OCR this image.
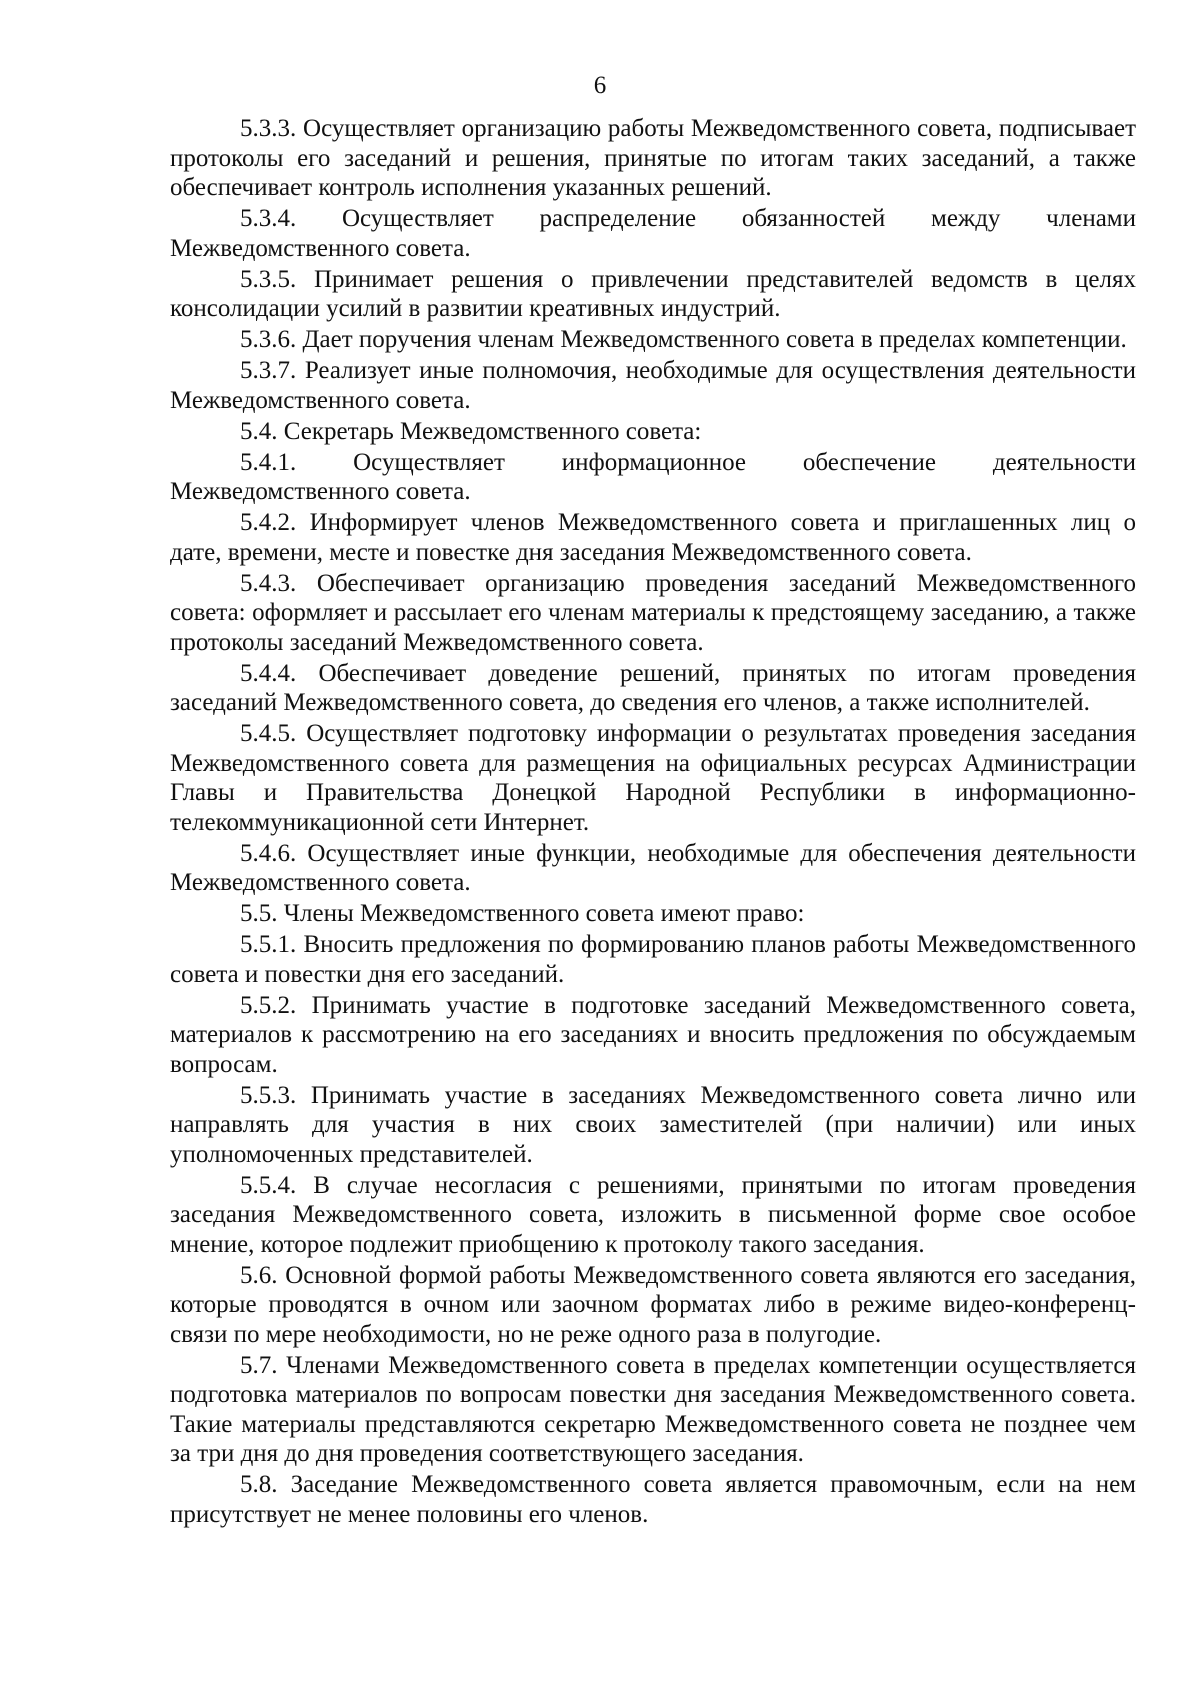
6

5.3.3. Осуществляет организацию работы Межведомственного совета, подписывает протоколы его заседаний и решения, принятые по итогам таких заседаний, а также обеспечивает контроль исполнения указанных решений.

5.3.4. Осуществляет распределение обязанностей между членами Межведомственного совета.

5.3.5. Принимает решения о привлечении представителей ведомств в целях консолидации усилий в развитии креативных индустрий.

5.3.6. Дает поручения членам Межведомственного совета в пределах компетенции.

5.3.7. Реализует иные полномочия, необходимые для осуществления деятельности Межведомственного совета.

5.4. Секретарь Межведомственного совета:

5.4.1. Осуществляет информационное обеспечение деятельности Межведомственного совета.

5.4.2. Информирует членов Межведомственного совета и приглашенных лиц о дате, времени, месте и повестке дня заседания Межведомственного совета.

5.4.3. Обеспечивает организацию проведения заседаний Межведомственного совета: оформляет и рассылает его членам материалы к предстоящему заседанию, а также протоколы заседаний Межведомственного совета.

5.4.4. Обеспечивает доведение решений, принятых по итогам проведения заседаний Межведомственного совета, до сведения его членов, а также исполнителей.

5.4.5. Осуществляет подготовку информации о результатах проведения заседания Межведомственного совета для размещения на официальных ресурсах Администрации Главы и Правительства Донецкой Народной Республики в информационно-телекоммуникационной сети Интернет.

5.4.6. Осуществляет иные функции, необходимые для обеспечения деятельности Межведомственного совета.

5.5. Члены Межведомственного совета имеют право:

5.5.1. Вносить предложения по формированию планов работы Межведомственного совета и повестки дня его заседаний.

5.5.2. Принимать участие в подготовке заседаний Межведомственного совета, материалов к рассмотрению на его заседаниях и вносить предложения по обсуждаемым вопросам.

5.5.3. Принимать участие в заседаниях Межведомственного совета лично или направлять для участия в них своих заместителей (при наличии) или иных уполномоченных представителей.

5.5.4. В случае несогласия с решениями, принятыми по итогам проведения заседания Межведомственного совета, изложить в письменной форме свое особое мнение, которое подлежит приобщению к протоколу такого заседания.

5.6. Основной формой работы Межведомственного совета являются его заседания, которые проводятся в очном или заочном форматах либо в режиме видео-конференц-связи по мере необходимости, но не реже одного раза в полугодие.

5.7. Членами Межведомственного совета в пределах компетенции осуществляется подготовка материалов по вопросам повестки дня заседания Межведомственного совета. Такие материалы представляются секретарю Межведомственного совета не позднее чем за три дня до дня проведения соответствующего заседания.

5.8. Заседание Межведомственного совета является правомочным, если на нем присутствует не менее половины его членов.
